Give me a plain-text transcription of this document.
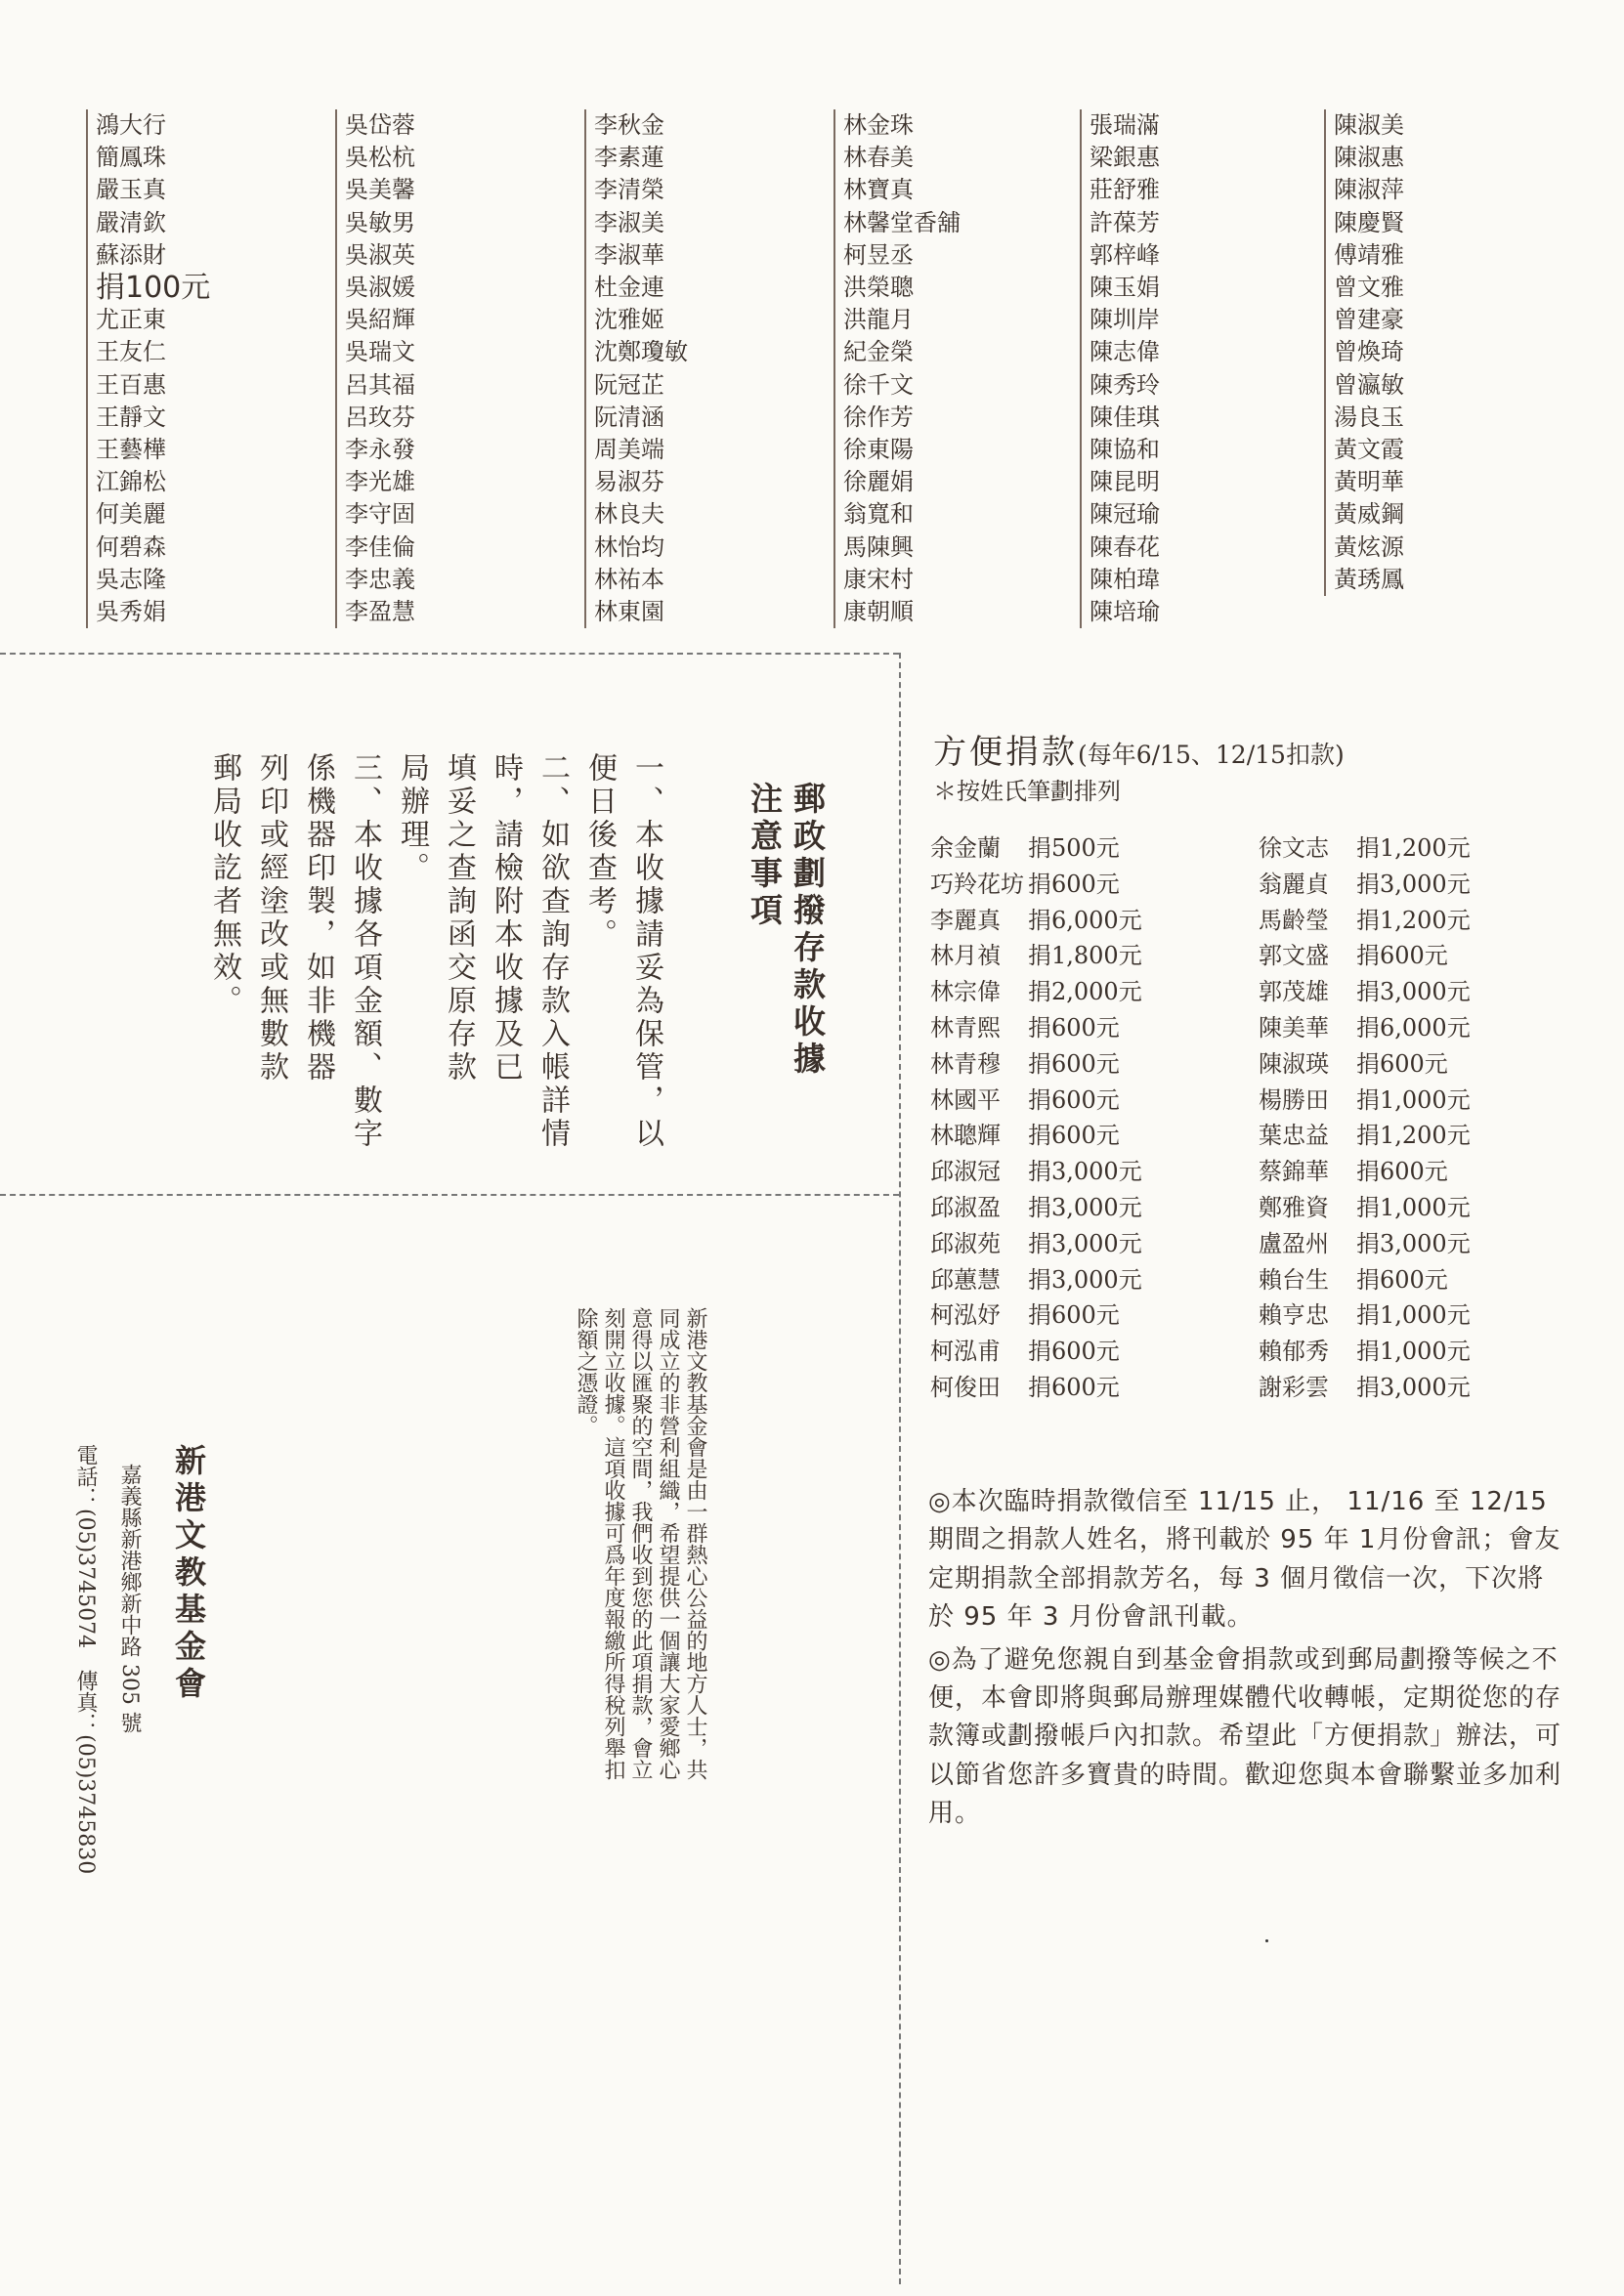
鴻大行
簡鳳珠
嚴玉真
嚴清欽
蘇添財
捐100元
尤正東
王友仁
王百惠
王靜文
王藝樺
江錦松
何美麗
何碧森
吳志隆
吳秀娟
吳岱蓉
吳松杭
吳美馨
吳敏男
吳淑英
吳淑媛
吳紹輝
吳瑞文
呂其福
呂玫芬
李永發
李光雄
李守固
李佳倫
李忠義
李盈慧
李秋金
李素蓮
李清榮
李淑美
李淑華
杜金連
沈雅姬
沈鄭瓊敏
阮冠芷
阮清涵
周美端
易淑芬
林良夫
林怡均
林祐本
林東園
林金珠
林春美
林寶真
林馨堂香舖
柯昱丞
洪榮聰
洪龍月
紀金榮
徐千文
徐作芳
徐東陽
徐麗娟
翁寬和
馬陳興
康宋村
康朝順
張瑞滿
梁銀惠
莊舒雅
許葆芳
郭梓峰
陳玉娟
陳圳岸
陳志偉
陳秀玲
陳佳琪
陳協和
陳昆明
陳冠瑜
陳春花
陳柏瑋
陳培瑜
陳淑美
陳淑惠
陳淑萍
陳慶賢
傅靖雅
曾文雅
曾建豪
曾煥琦
曾瀛敏
湯良玉
黃文霞
黃明華
黃威鋼
黃炫源
黃琇鳳
郵政劃撥存款收據
注意事項
一、本收據請妥為保管，以
便日後查考。
二、如欲查詢存款入帳詳情
時，請檢附本收據及已
填妥之查詢函交原存款
局辦理。
三、本收據各項金額、數字
係機器印製，如非機器
列印或經塗改或無數款
郵局收訖者無效。
新港文教基金會是由一群熱心公益的地方人士，共
同成立的非營利組織，希望提供一個讓大家愛鄉心
意得以匯聚的空間，我們收到您的此項捐款，會立
刻開立收據。這項收據可爲年度報繳所得稅列舉扣
除額之憑證。
新港文教基金會
嘉義縣新港鄉新中路 305 號
電話：(05)3745074　傳真：(05)3745830
方便捐款(每年6/15、12/15扣款)
＊按姓氏筆劃排列
余金蘭 捐500元
巧羚花坊 捐600元
李麗真 捐6,000元
林月禎 捐1,800元
林宗偉 捐2,000元
林青熙 捐600元
林青穆 捐600元
林國平 捐600元
林聰輝 捐600元
邱淑冠 捐3,000元
邱淑盈 捐3,000元
邱淑苑 捐3,000元
邱蕙慧 捐3,000元
柯泓妤 捐600元
柯泓甫 捐600元
柯俊田 捐600元
徐文志 捐1,200元
翁麗貞 捐3,000元
馬齡瑩 捐1,200元
郭文盛 捐600元
郭茂雄 捐3,000元
陳美華 捐6,000元
陳淑瑛 捐600元
楊勝田 捐1,000元
葉忠益 捐1,200元
蔡錦華 捐600元
鄭雅資 捐1,000元
盧盈州 捐3,000元
賴台生 捐600元
賴亨忠 捐1,000元
賴郁秀 捐1,000元
謝彩雲 捐3,000元

◎本次臨時捐款徵信至 11/15 止， 11/16 至 12/15 期間之捐款人姓名，將刊載於 95 年 1月份會訊；會友定期捐款全部捐款芳名，每 3 個月徵信一次，下次將於 95 年 3 月份會訊刊載。

◎為了避免您親自到基金會捐款或到郵局劃撥等候之不便，本會即將與郵局辦理媒體代收轉帳，定期從您的存款簿或劃撥帳戶內扣款。希望此「方便捐款」辦法，可以節省您許多寶貴的時間。歡迎您與本會聯繫並多加利用。
